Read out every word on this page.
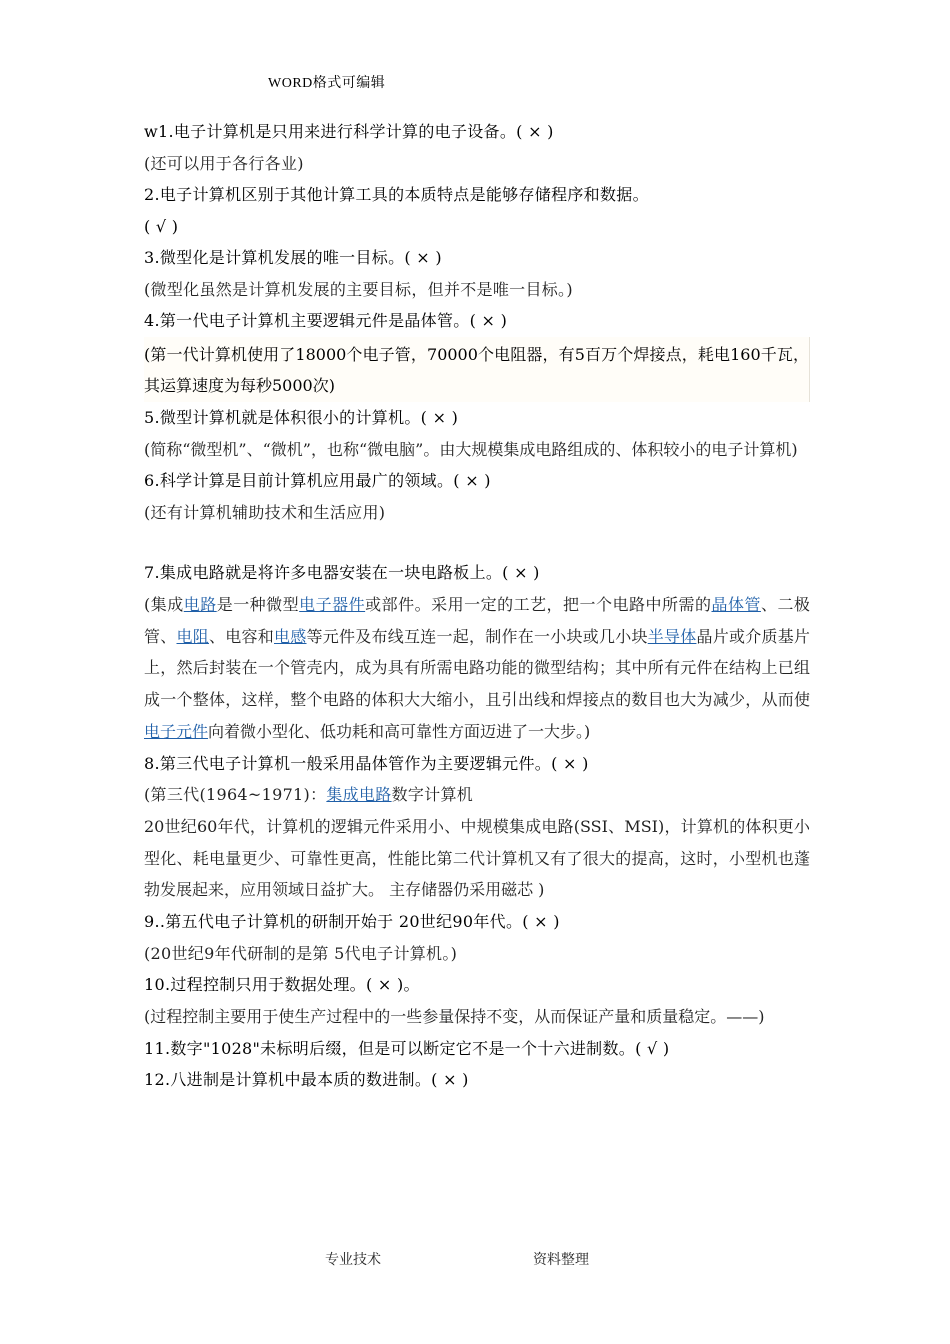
WORD格式可编辑
w1.电子计算机是只用来进行科学计算的电子设备。( × )
(还可以用于各行各业)
2.电子计算机区别于其他计算工具的本质特点是能够存储程序和数据。
( √ )
3.微型化是计算机发展的唯一目标。( × )
(微型化虽然是计算机发展的主要目标，但并不是唯一目标。)
4.第一代电子计算机主要逻辑元件是晶体管。( × )
(第一代计算机使用了18000个电子管，70000个电阻器，有5百万个焊接点，耗电160千瓦，其运算速度为每秒5000次)
5.微型计算机就是体积很小的计算机。( × )
(简称“微型机”、“微机”，也称“微电脑”。由大规模集成电路组成的、体积较小的电子计算机)
6.科学计算是目前计算机应用最广的领域。( × )
(还有计算机辅助技术和生活应用)
7.集成电路就是将许多电器安装在一块电路板上。( × )
(集成电路是一种微型电子器件或部件。采用一定的工艺，把一个电路中所需的晶体管、二极管、电阻、电容和电感等元件及布线互连一起，制作在一小块或几小块半导体晶片或介质基片上，然后封装在一个管壳内，成为具有所需电路功能的微型结构；其中所有元件在结构上已组成一个整体，这样，整个电路的体积大大缩小，且引出线和焊接点的数目也大为减少，从而使电子元件向着微小型化、低功耗和高可靠性方面迈进了一大步。)
8.第三代电子计算机一般采用晶体管作为主要逻辑元件。( × )
(第三代(1964~1971)：集成电路数字计算机
20世纪60年代，计算机的逻辑元件采用小、中规模集成电路(SSI、MSI)，计算机的体积更小型化、耗电量更少、可靠性更高，性能比第二代计算机又有了很大的提高，这时，小型机也蓬勃发展起来，应用领域日益扩大。 主存储器仍采用磁芯 )
9..第五代电子计算机的研制开始于 20世纪90年代。( × )
(20世纪9年代研制的是第 5代电子计算机。)
10.过程控制只用于数据处理。( × )。
(过程控制主要用于使生产过程中的一些参量保持不变，从而保证产量和质量稳定。——)
11.数字"1028"未标明后缀，但是可以断定它不是一个十六进制数。( √ )
12.八进制是计算机中最本质的数进制。( × )
专业技术	资料整理
